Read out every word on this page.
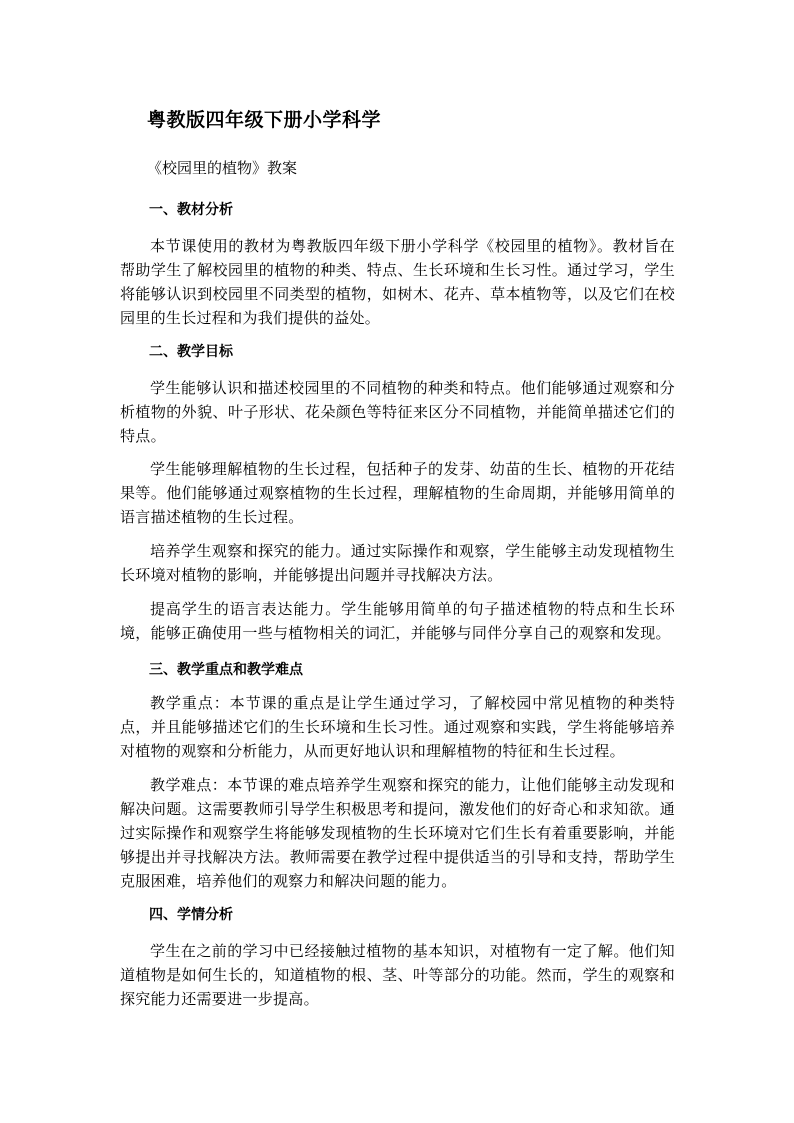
粤教版四年级下册小学科学
《校园里的植物》教案
一、教材分析
本节课使用的教材为粤教版四年级下册小学科学《校园里的植物》。教材旨在帮助学生了解校园里的植物的种类、特点、生长环境和生长习性。通过学习，学生将能够认识到校园里不同类型的植物，如树木、花卉、草本植物等，以及它们在校园里的生长过程和为我们提供的益处。
二、教学目标
学生能够认识和描述校园里的不同植物的种类和特点。他们能够通过观察和分析植物的外貌、叶子形状、花朵颜色等特征来区分不同植物，并能简单描述它们的特点。
学生能够理解植物的生长过程，包括种子的发芽、幼苗的生长、植物的开花结果等。他们能够通过观察植物的生长过程，理解植物的生命周期，并能够用简单的语言描述植物的生长过程。
培养学生观察和探究的能力。通过实际操作和观察，学生能够主动发现植物生长环境对植物的影响，并能够提出问题并寻找解决方法。
提高学生的语言表达能力。学生能够用简单的句子描述植物的特点和生长环境，能够正确使用一些与植物相关的词汇，并能够与同伴分享自己的观察和发现。
三、教学重点和教学难点
教学重点：本节课的重点是让学生通过学习，了解校园中常见植物的种类特点，并且能够描述它们的生长环境和生长习性。通过观察和实践，学生将能够培养对植物的观察和分析能力，从而更好地认识和理解植物的特征和生长过程。
教学难点：本节课的难点培养学生观察和探究的能力，让他们能够主动发现和解决问题。这需要教师引导学生积极思考和提问，激发他们的好奇心和求知欲。通过实际操作和观察学生将能够发现植物的生长环境对它们生长有着重要影响，并能够提出并寻找解决方法。教师需要在教学过程中提供适当的引导和支持，帮助学生克服困难，培养他们的观察力和解决问题的能力。
四、学情分析
学生在之前的学习中已经接触过植物的基本知识，对植物有一定了解。他们知道植物是如何生长的，知道植物的根、茎、叶等部分的功能。然而，学生的观察和探究能力还需要进一步提高。
